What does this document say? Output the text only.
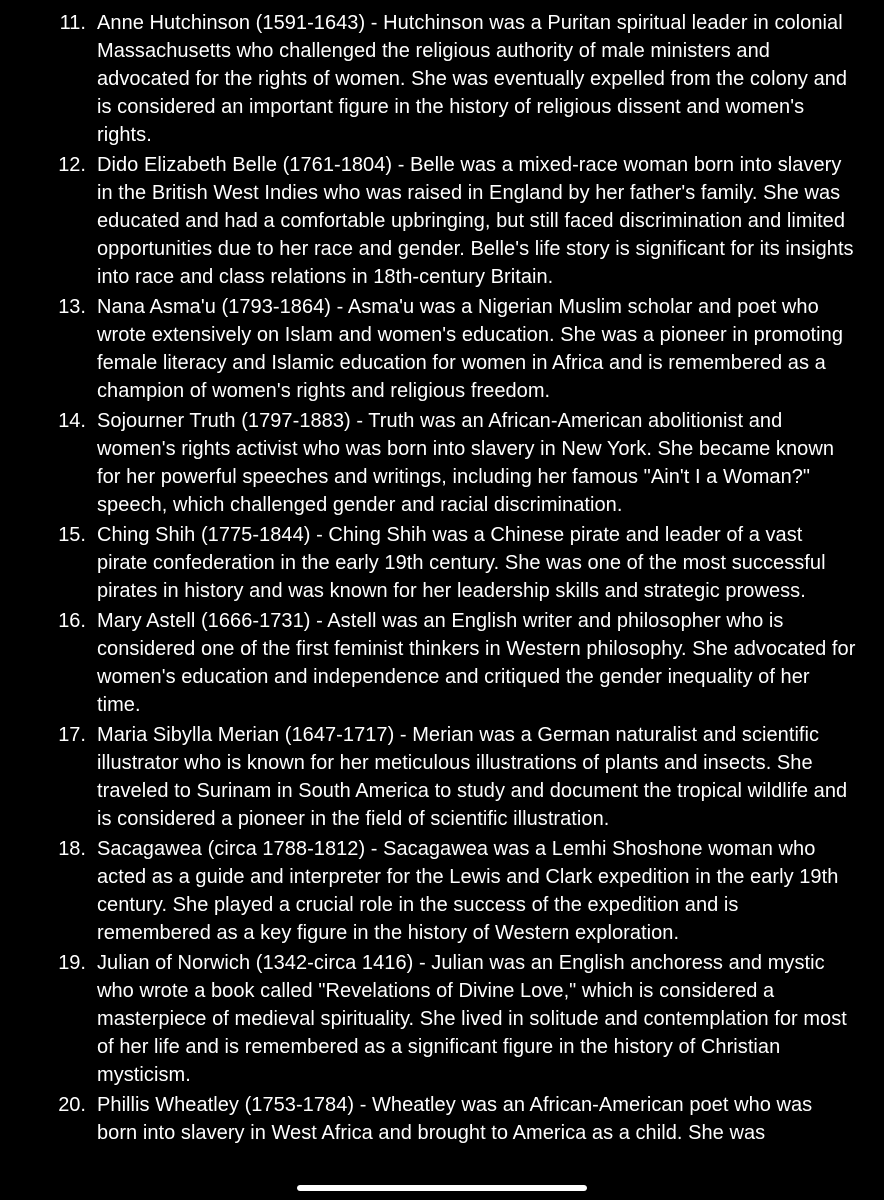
11. Anne Hutchinson (1591-1643) - Hutchinson was a Puritan spiritual leader in colonial Massachusetts who challenged the religious authority of male ministers and advocated for the rights of women. She was eventually expelled from the colony and is considered an important figure in the history of religious dissent and women's rights.
12. Dido Elizabeth Belle (1761-1804) - Belle was a mixed-race woman born into slavery in the British West Indies who was raised in England by her father's family. She was educated and had a comfortable upbringing, but still faced discrimination and limited opportunities due to her race and gender. Belle's life story is significant for its insights into race and class relations in 18th-century Britain.
13. Nana Asma'u (1793-1864) - Asma'u was a Nigerian Muslim scholar and poet who wrote extensively on Islam and women's education. She was a pioneer in promoting female literacy and Islamic education for women in Africa and is remembered as a champion of women's rights and religious freedom.
14. Sojourner Truth (1797-1883) - Truth was an African-American abolitionist and women's rights activist who was born into slavery in New York. She became known for her powerful speeches and writings, including her famous "Ain't I a Woman?" speech, which challenged gender and racial discrimination.
15. Ching Shih (1775-1844) - Ching Shih was a Chinese pirate and leader of a vast pirate confederation in the early 19th century. She was one of the most successful pirates in history and was known for her leadership skills and strategic prowess.
16. Mary Astell (1666-1731) - Astell was an English writer and philosopher who is considered one of the first feminist thinkers in Western philosophy. She advocated for women's education and independence and critiqued the gender inequality of her time.
17. Maria Sibylla Merian (1647-1717) - Merian was a German naturalist and scientific illustrator who is known for her meticulous illustrations of plants and insects. She traveled to Surinam in South America to study and document the tropical wildlife and is considered a pioneer in the field of scientific illustration.
18. Sacagawea (circa 1788-1812) - Sacagawea was a Lemhi Shoshone woman who acted as a guide and interpreter for the Lewis and Clark expedition in the early 19th century. She played a crucial role in the success of the expedition and is remembered as a key figure in the history of Western exploration.
19. Julian of Norwich (1342-circa 1416) - Julian was an English anchoress and mystic who wrote a book called "Revelations of Divine Love," which is considered a masterpiece of medieval spirituality. She lived in solitude and contemplation for most of her life and is remembered as a significant figure in the history of Christian mysticism.
20. Phillis Wheatley (1753-1784) - Wheatley was an African-American poet who was born into slavery in West Africa and brought to America as a child. She was
